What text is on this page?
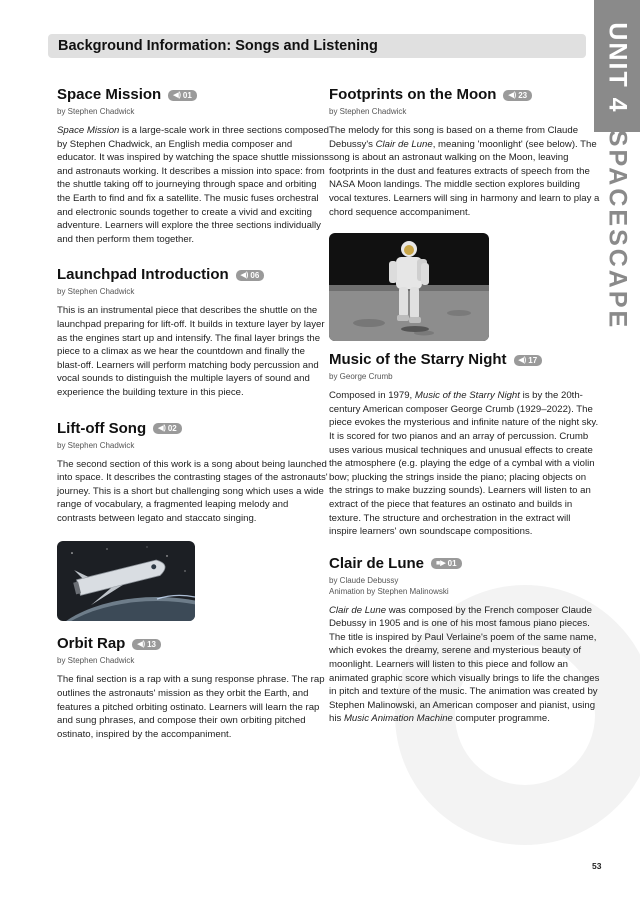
Background Information: Songs and Listening	UNIT 4
SPACESCAPE
Space Mission ◀) 01

by Stephen Chadwick

Space Mission is a large-scale work in three sections composed by Stephen Chadwick, an English media composer and educator. It was inspired by watching the space shuttle missions and astronauts working. It describes a mission into space: from the shuttle taking off to journeying through space and orbiting the Earth to find and fix a satellite. The music fuses orchestral and electronic sounds together to create a vivid and exciting adventure. Learners will explore the three sections individually and then perform them together.

Launchpad Introduction ◀) 06

by Stephen Chadwick

This is an instrumental piece that describes the shuttle on the launchpad preparing for lift-off. It builds in texture layer by layer as the engines start up and intensify. The final layer brings the piece to a climax as we hear the countdown and finally the blast-off. Learners will perform matching body percussion and vocal sounds to distinguish the multiple layers of sound and experience the building texture in this piece.

Lift-off Song ◀) 02

by Stephen Chadwick

The second section of this work is a song about being launched into space. It describes the contrasting stages of the astronauts' journey. This is a short but challenging song which uses a wide range of vocabulary, a fragmented leaping melody and contrasts between legato and staccato singing.

Orbit Rap ◀) 13

by Stephen Chadwick

The final section is a rap with a sung response phrase. The rap outlines the astronauts' mission as they orbit the Earth, and features a pitched orbiting ostinato. Learners will learn the rap and sung phrases, and compose their own orbiting pitched ostinato, inspired by the accompaniment.

Footprints on the Moon ◀) 23

by Stephen Chadwick

The melody for this song is based on a theme from Claude Debussy's Clair de Lune, meaning 'moonlight' (see below). The song is about an astronaut walking on the Moon, leaving footprints in the dust and features extracts of speech from the NASA Moon landings. The middle section explores building vocal textures. Learners will sing in harmony and learn to play a chord sequence accompaniment.

Music of the Starry Night ◀) 17

by George Crumb

Composed in 1979, Music of the Starry Night is by the 20th-century American composer George Crumb (1929–2022). The piece evokes the mysterious and infinite nature of the night sky. It is scored for two pianos and an array of percussion. Crumb uses various musical techniques and unusual effects to create the atmosphere (e.g. playing the edge of a cymbal with a violin bow; plucking the strings inside the piano; placing objects on the strings to make buzzing sounds). Learners will listen to an extract of the piece that features an ostinato and builds in texture. The structure and orchestration in the extract will inspire learners' own soundscape compositions.

Clair de Lune ■▶ 01

by Claude Debussy

Animation by Stephen Malinowski

Clair de Lune was composed by the French composer Claude Debussy in 1905 and is one of his most famous piano pieces. The title is inspired by Paul Verlaine's poem of the same name, which evokes the dreamy, serene and mysterious beauty of moonlight. Learners will listen to this piece and follow an animated graphic score which visually brings to life the changes in pitch and texture of the music. The animation was created by Stephen Malinowski, an American composer and pianist, using his Music Animation Machine computer programme.

53
